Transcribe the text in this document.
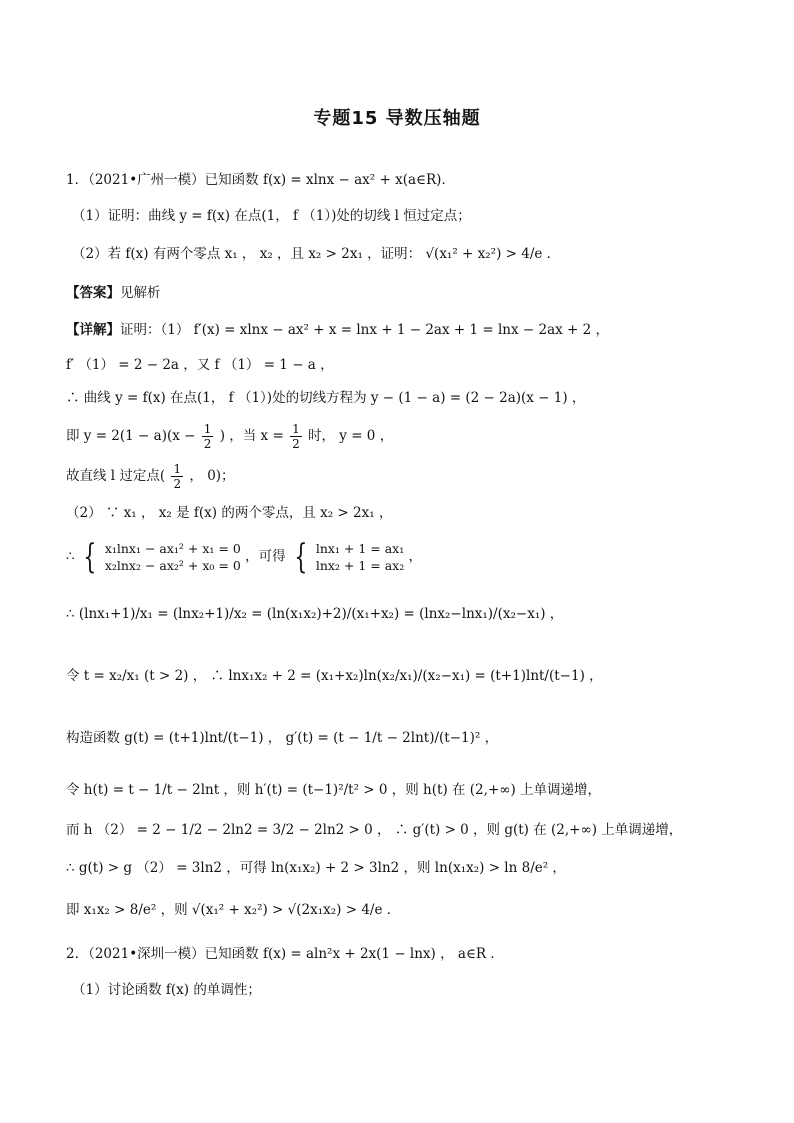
专题15 导数压轴题
1．（2021•广州一模）已知函数 f(x) = xlnx − ax² + x(a∈R)．
（1）证明：曲线 y = f(x) 在点(1， f （1）)处的切线 l 恒过定点；
（2）若 f(x) 有两个零点 x₁ ， x₂ ，且 x₂ > 2x₁ ，证明： √(x₁² + x₂²) > 4/e ．
【答案】见解析
【详解】证明：（1） f′(x) = xlnx − ax² + x = lnx + 1 − 2ax + 1 = lnx − 2ax + 2 ，
f′ （1） = 2 − 2a ，又 f （1） = 1 − a ，
∴ 曲线 y = f(x) 在点(1， f （1）)处的切线方程为 y − (1 − a) = (2 − 2a)(x − 1) ，
即 $y = 2(1 - a)(x - \frac{1}{2}$ ) ，当 $x = \frac{1}{2}$ 时， y = 0 ，
故直线 l 过定点( $\frac{1}{2}$ ， 0)；
（2） ∵ x₁ ， x₂ 是 f(x) 的两个零点，且 x₂ > 2x₁ ，
∴ { x₁lnx₁ − ax₁² + x₁ = 0
x₂lnx₂ − ax₂² + x₀ = 0
，可得 { lnx₁ + 1 = ax₁
lnx₂ + 1 = ax₂
，
∴ (lnx₁+1)/x₁ = (lnx₂+1)/x₂ = (ln(x₁x₂)+2)/(x₁+x₂) = (lnx₂−lnx₁)/(x₂−x₁) ，
令 t = x₂/x₁ (t > 2) ， ∴ lnx₁x₂ + 2 = (x₁+x₂)ln(x₂/x₁)/(x₂−x₁) = (t+1)lnt/(t−1) ，
构造函数 g(t) = (t+1)lnt/(t−1) ， g′(t) = (t − 1/t − 2lnt)/(t−1)² ，
令 h(t) = t − 1/t − 2lnt ，则 h′(t) = (t−1)²/t² > 0 ，则 h(t) 在 (2,+∞) 上单调递增，
而 h （2） = 2 − 1/2 − 2ln2 = 3/2 − 2ln2 > 0 ， ∴ g′(t) > 0 ，则 g(t) 在 (2,+∞) 上单调递增，
∴ g(t) > g （2） = 3ln2 ，可得 ln(x₁x₂) + 2 > 3ln2 ，则 ln(x₁x₂) > ln 8/e² ，
即 x₁x₂ > 8/e² ，则 √(x₁² + x₂²) > √(2x₁x₂) > 4/e ．
2．（2021•深圳一模）已知函数 f(x) = aln²x + 2x(1 − lnx) ， a∈R ．
（1）讨论函数 f(x) 的单调性；
